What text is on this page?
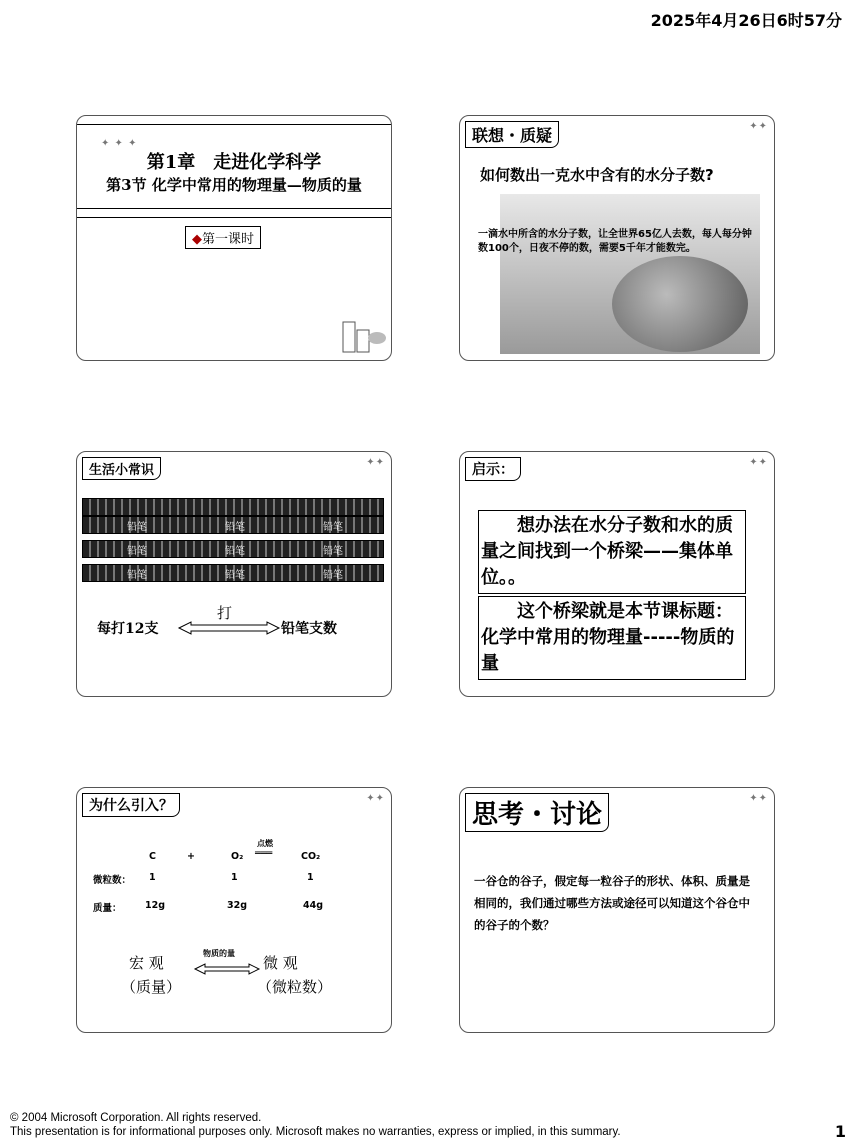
2025年4月26日6时57分
✦ ✦ ✦
第1章　走进化学科学
第3节 化学中常用的物理量—物质的量
◆第一课时
联想・质疑	✦✦
如何数出一克水中含有的水分子数?
一滴水中所含的水分子数，让全世界65亿人去数，每人每分钟数100个，日夜不停的数，需要5千年才能数完。
生活小常识
✦✦
铅笔	铅笔	铅笔
铅笔	铅笔	铅笔
铅笔	铅笔	铅笔
每打12支
打
铅笔支数
启示：	✦✦
想办法在水分子数和水的质量之间找到一个桥梁——集体单位。。
这个桥梁就是本节课标题：化学中常用的物理量-----物质的量
为什么引入？	✦✦
点燃
C	+	O₂ ═══	CO₂
微粒数： 1	1	1
质量： 12g	32g	44g
宏 观
（质量）
物质的量
微 观
（微粒数）
思考・讨论
✦✦
一谷仓的谷子，假定每一粒谷子的形状、体积、质量是相同的，我们通过哪些方法或途径可以知道这个谷仓中的谷子的个数？
© 2004 Microsoft Corporation. All rights reserved.
This presentation is for informational purposes only. Microsoft makes no warranties, express or implied, in this summary.	1
